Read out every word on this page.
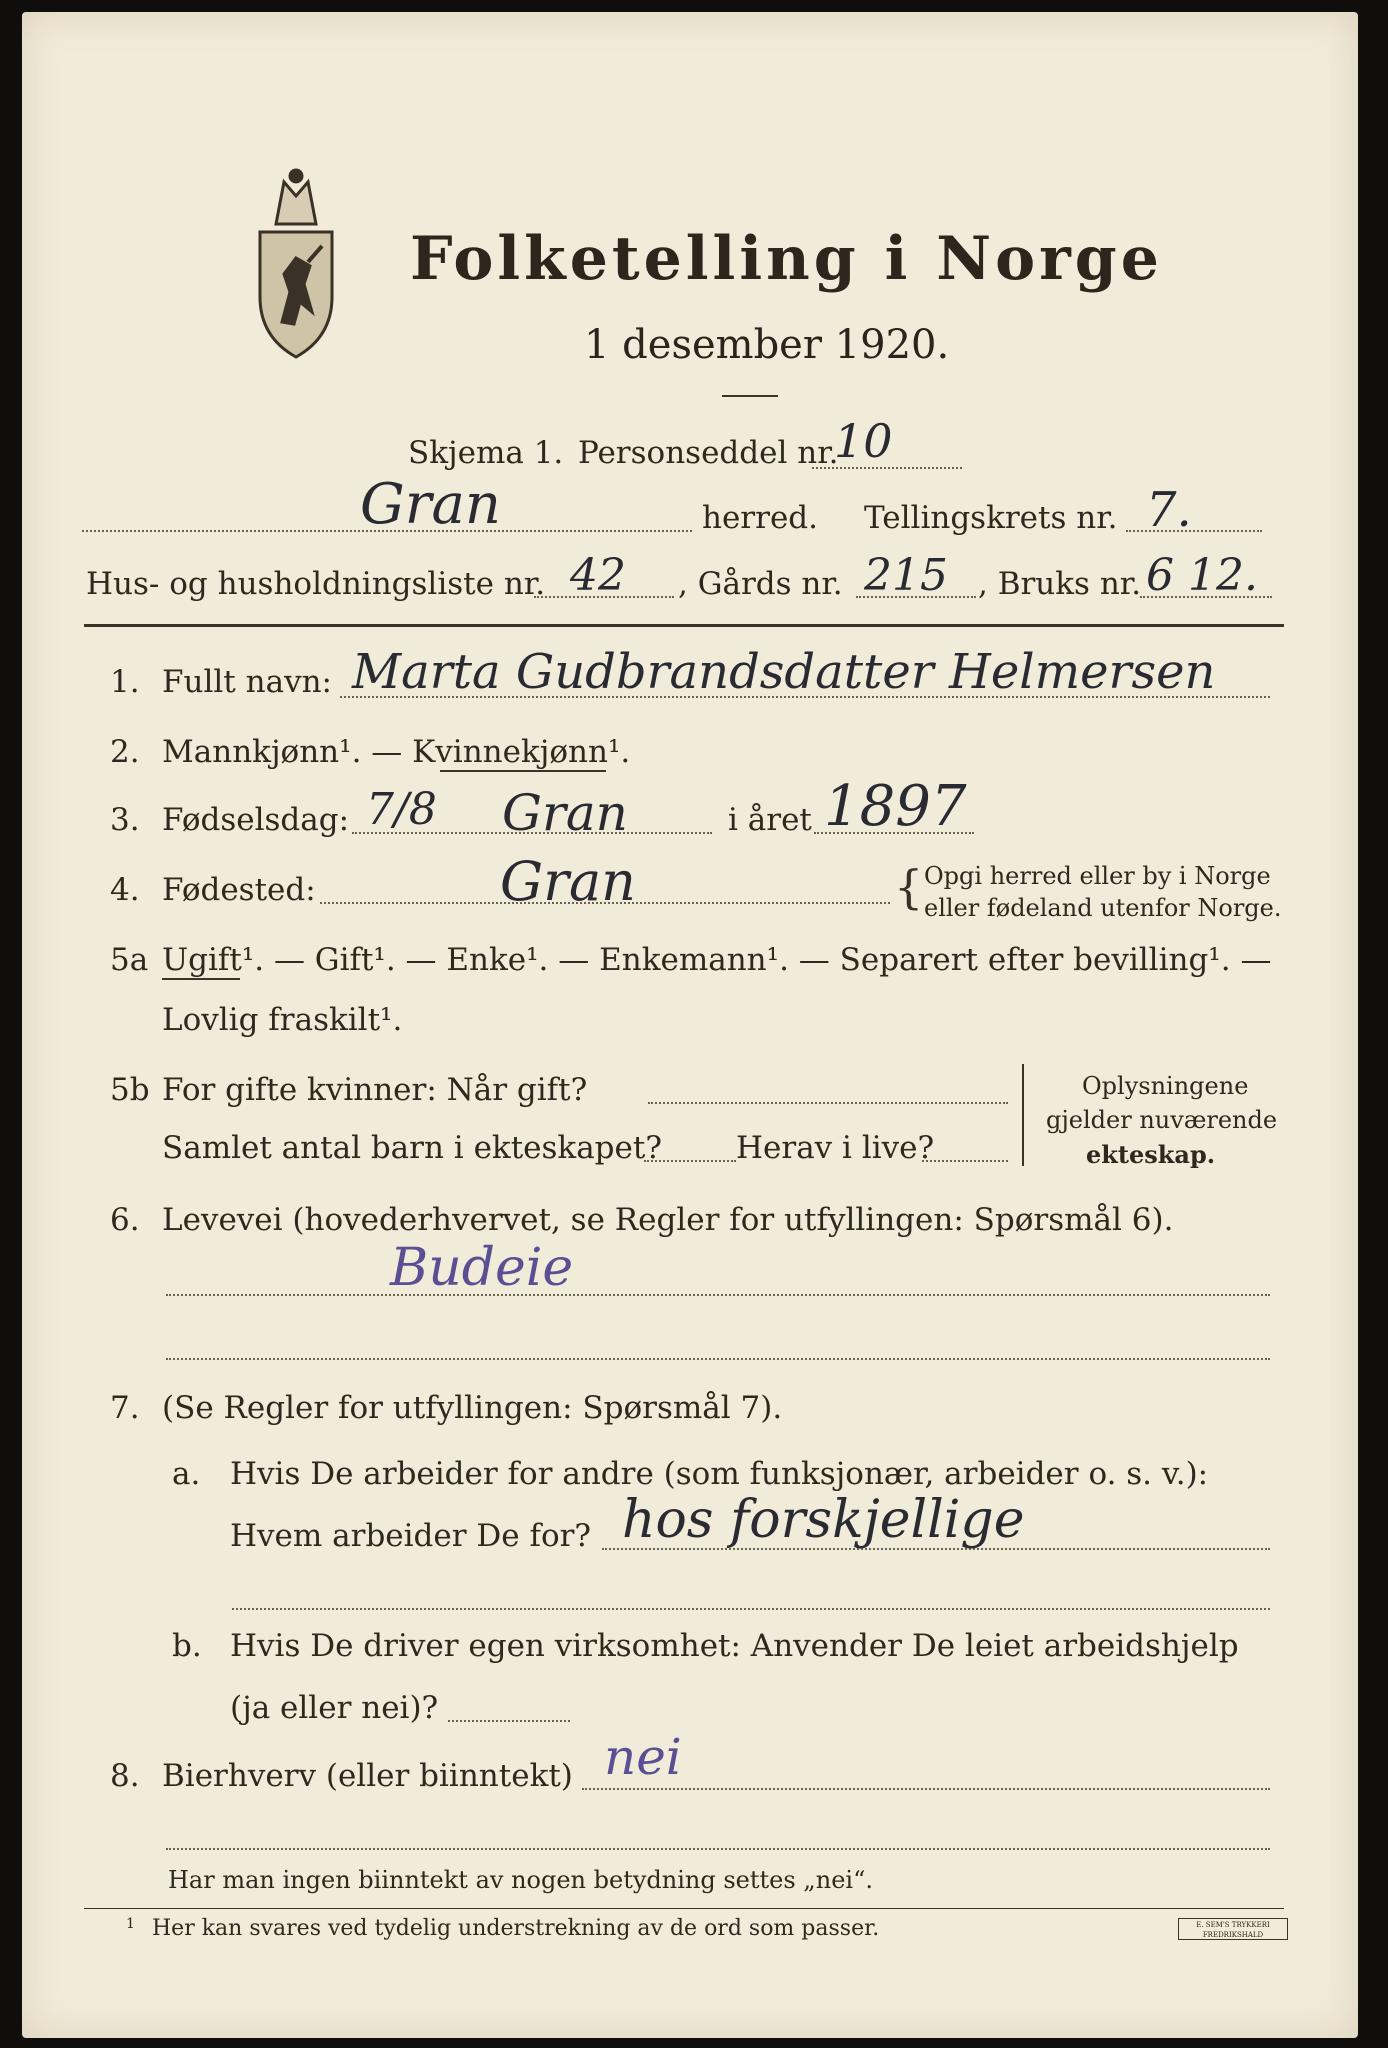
Folketelling i Norge
1 desember 1920.
Skjema 1. Personseddel nr.
10
Gran	herred. Tellingskrets nr. 7.
Hus- og husholdningsliste nr. 42 , Gårds nr. 215 , Bruks nr. 6 12.
1. Fullt navn: Marta Gudbrandsdatter Helmersen
2. Mannkjønn¹. — Kvinnekjønn¹.
3. Fødselsdag: 7/8 Gran	i året 1897
4. Fødested:	Gran	{ Opgi herred eller by i Norge
eller fødeland utenfor Norge.
5a Ugift¹. — Gift¹. — Enke¹. — Enkemann¹. — Separert efter bevilling¹. —
Lovlig fraskilt¹.
5b For gifte kvinner: Når gift?
Samlet antal barn i ekteskapet? Herav i live?
Oplysningene
gjelder nuværende
ekteskap.
6. Levevei (hovederhvervet, se Regler for utfyllingen: Spørsmål 6).
Budeie
7. (Se Regler for utfyllingen: Spørsmål 7).
a. Hvis De arbeider for andre (som funksjonær, arbeider o. s. v.):
Hvem arbeider De for? hos forskjellige
b. Hvis De driver egen virksomhet: Anvender De leiet arbeidshjelp
(ja eller nei)?
8. Bierhverv (eller biinntekt) nei
Har man ingen biinntekt av nogen betydning settes „nei“.
1 Her kan svares ved tydelig understrekning av de ord som passer.	E. SEM'S TRYKKERI FREDRIKSHALD
